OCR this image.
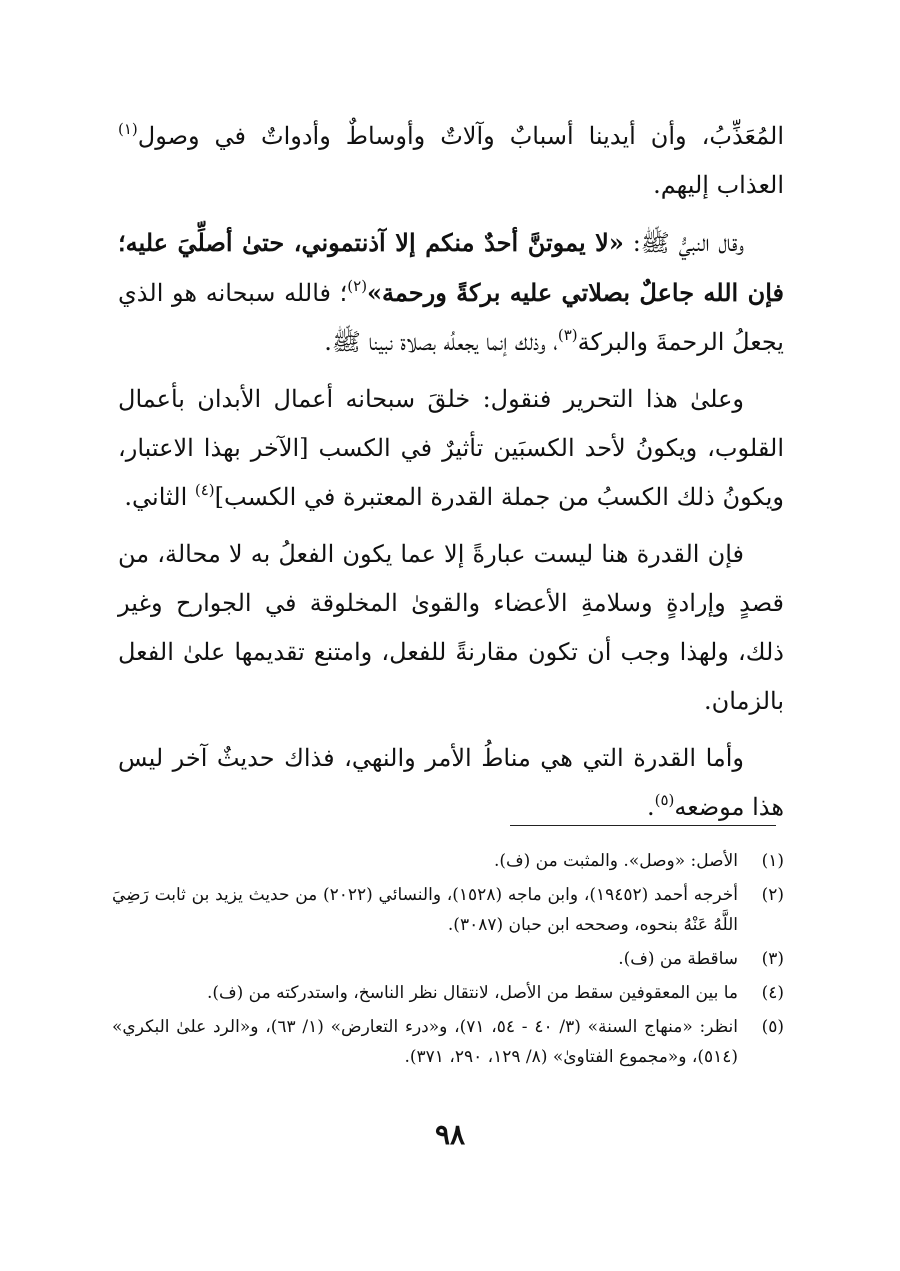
المُعَذِّبُ، وأن أيدينا أسبابٌ وآلاتٌ وأوساطٌ وأدواتٌ في وصول$^{(١)}$ العذاب إليهم.

وقال النبيُّ ﷺ: «لا يموتنَّ أحدٌ منكم إلا آذنتموني، حتىٰ أصلِّيَ عليه؛ فإن الله جاعلٌ بصلاتي عليه بركةً ورحمة»$^{(٢)}$؛ فالله سبحانه هو الذي يجعلُ الرحمةَ والبركة$^{(٣)}$، وذلك إنما يجعلُه بصلاة نبينا ﷺ.

وعلىٰ هذا التحرير فنقول: خلقَ سبحانه أعمال الأبدان بأعمال القلوب، ويكونُ لأحد الكسبَين تأثيرٌ في الكسب [الآخر بهذا الاعتبار، ويكونُ ذلك الكسبُ من جملة القدرة المعتبرة في الكسب]$^{(٤)}$ الثاني.

فإن القدرة هنا ليست عبارةً إلا عما يكون الفعلُ به لا محالة، من قصدٍ وإرادةٍ وسلامةِ الأعضاء والقوىٰ المخلوقة في الجوارح وغير ذلك، ولهذا وجب أن تكون مقارنةً للفعل، وامتنع تقديمها علىٰ الفعل بالزمان.

وأما القدرة التي هي مناطُ الأمر والنهي، فذاك حديثٌ آخر ليس هذا موضعه$^{(٥)}$.

(١)
الأصل: «وصل». والمثبت من (ف).
(٢)
أخرجه أحمد (١٩٤٥٢)، وابن ماجه (١٥٢٨)، والنسائي (٢٠٢٢) من حديث يزيد بن ثابت رَضِيَ اللَّهُ عَنْهُ بنحوه، وصححه ابن حبان (٣٠٨٧).
(٣)
ساقطة من (ف).
(٤)
ما بين المعقوفين سقط من الأصل، لانتقال نظر الناسخ، واستدركته من (ف).
(٥)
انظر: «منهاج السنة» (٣/ ٤٠ - ٥٤، ٧١)، و«درء التعارض» (١/ ٦٣)، و«الرد علىٰ البكري» (٥١٤)، و«مجموع الفتاوىٰ» (٨/ ١٢٩، ٢٩٠، ٣٧١).
٩٨
